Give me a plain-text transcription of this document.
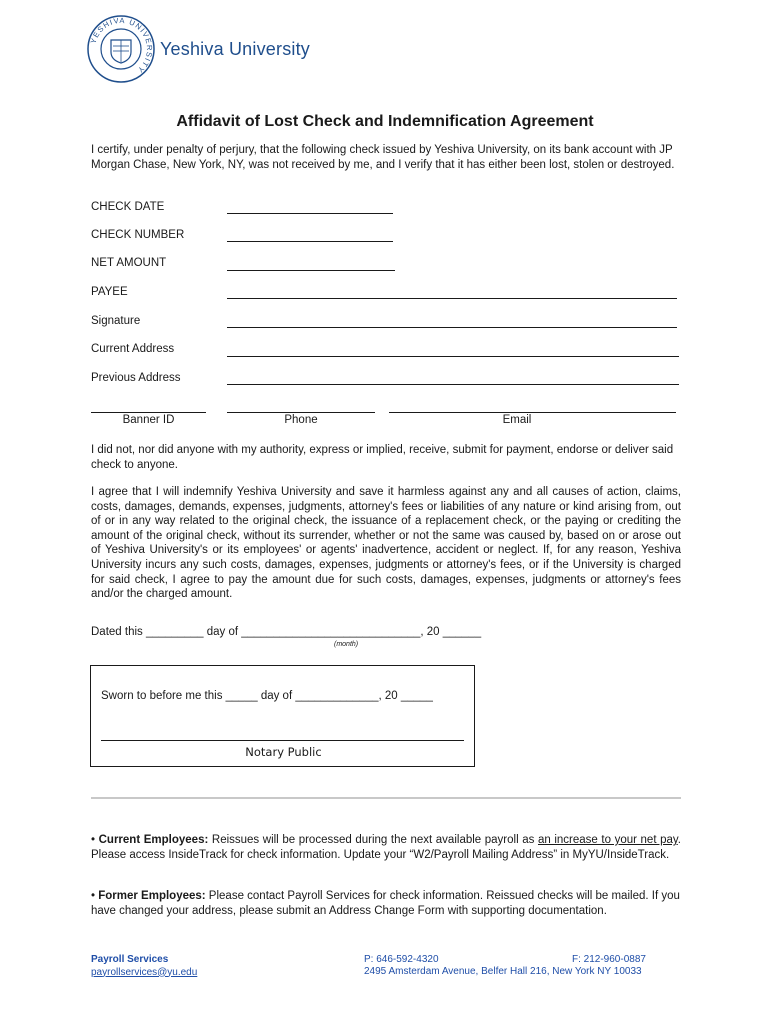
YESHIVA UNIVERSITY
Yeshiva University
Affidavit of Lost Check and Indemnification Agreement
I certify, under penalty of perjury, that the following check issued by Yeshiva University, on its bank account with JP Morgan Chase, New York, NY, was not received by me, and I verify that it has either been lost, stolen or destroyed.
CHECK DATE
CHECK NUMBER
NET AMOUNT
PAYEE
Signature
Current Address
Previous Address
Banner ID	Phone	Email
I did not, nor did anyone with my authority, express or implied, receive, submit for payment, endorse or deliver said check to anyone.
I agree that I will indemnify Yeshiva University and save it harmless against any and all causes of action, claims, costs, damages, demands, expenses, judgments, attorney's fees or liabilities of any nature or kind arising from, out of or in any way related to the original check, the issuance of a replacement check, or the paying or crediting the amount of the original check, without its surrender, whether or not the same was caused by, based on or arose out of Yeshiva University's or its employees' or agents' inadvertence, accident or neglect. If, for any reason, Yeshiva University incurs any such costs, damages, expenses, judgments or attorney's fees, or if the University is charged for said check, I agree to pay the amount due for such costs, damages, expenses, judgments or attorney's fees and/or the charged amount.
Dated this _________ day of ____________________________, 20 ______
(month)
Sworn to before me this _____ day of _____________, 20 _____
Notary Public
• Current Employees: Reissues will be processed during the next available payroll as an increase to your net pay. Please access InsideTrack for check information. Update your “W2/Payroll Mailing Address” in MyYU/InsideTrack.
• Former Employees: Please contact Payroll Services for check information. Reissued checks will be mailed. If you have changed your address, please submit an Address Change Form with supporting documentation.
Payroll Services
payrollservices@yu.edu
P: 646-592-4320	F: 212-960-0887
2495 Amsterdam Avenue, Belfer Hall 216, New York NY 10033
